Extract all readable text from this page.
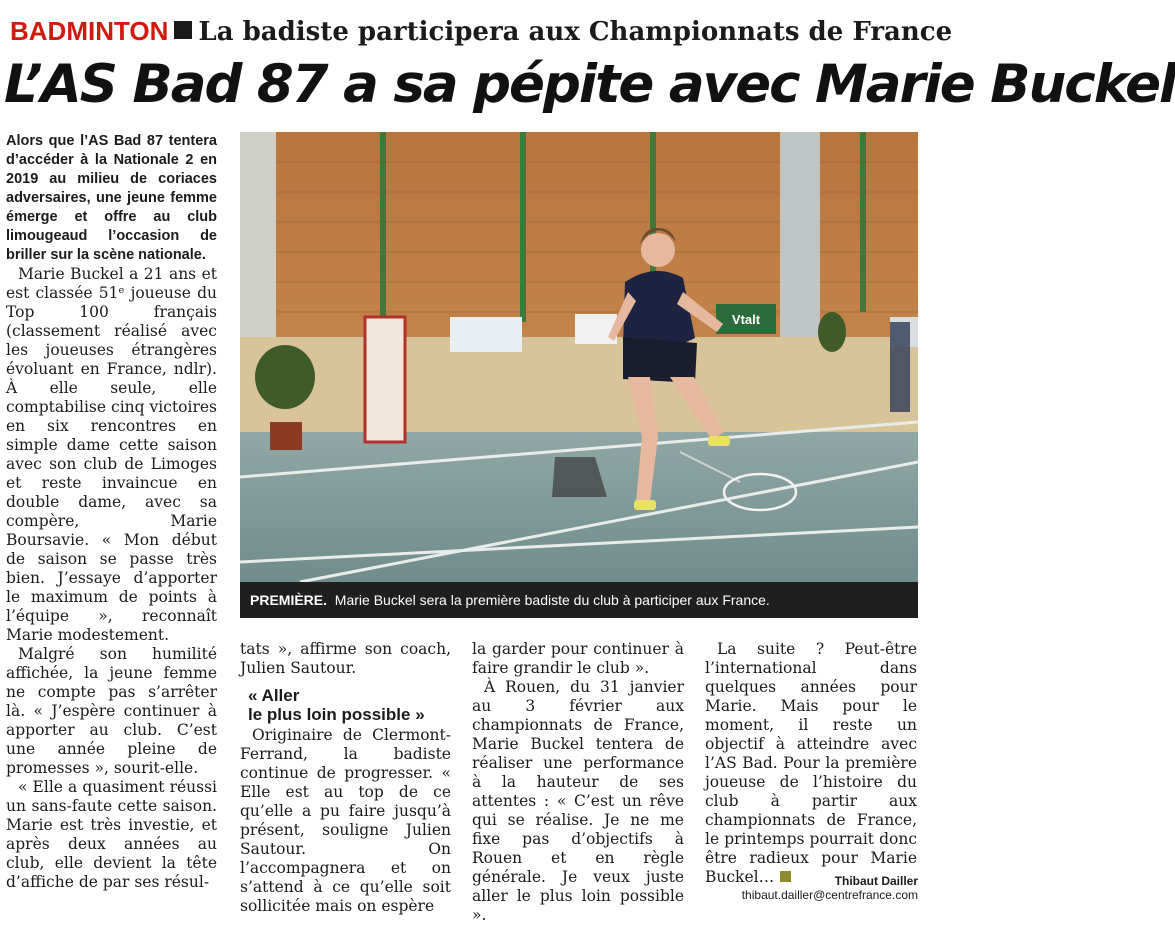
BADMINTON La badiste participera aux Championnats de France
L’AS Bad 87 a sa pépite avec Marie Buckel

Alors que l’AS Bad 87 tentera d’accéder à la Nationale 2 en 2019 au milieu de coriaces adversaires, une jeune femme émerge et offre au club limougeaud l’occasion de briller sur la scène nationale.

Marie Buckel a 21 ans et est classée 51ᵉ joueuse du Top 100 français (classement réalisé avec les joueuses étrangères évoluant en France, ndlr). À elle seule, elle comptabilise cinq victoires en six rencontres en simple dame cette saison avec son club de Limoges et reste invaincue en double dame, avec sa compère, Marie Boursavie. « Mon début de saison se passe très bien. J’essaye d’apporter le maximum de points à l’équipe », reconnaît Marie modestement.

Malgré son humilité affichée, la jeune femme ne compte pas s’arrêter là. « J’espère continuer à apporter au club. C’est une année pleine de promesses », sourit-elle.

« Elle a quasiment réussi un sans-faute cette saison. Marie est très investie, et après deux années au club, elle devient la tête d’affiche de par ses résul-

Vtalt
PREMIÈRE. Marie Buckel sera la première badiste du club à participer aux France.

tats », affirme son coach, Julien Sautour.

« Aller
le plus loin possible »

Originaire de Clermont-Ferrand, la badiste continue de progresser. « Elle est au top de ce qu’elle a pu faire jusqu’à présent, souligne Julien Sautour. On l’accompagnera et on s’attend à ce qu’elle soit sollicitée mais on espère

la garder pour continuer à faire grandir le club ».

À Rouen, du 31 janvier au 3 février aux championnats de France, Marie Buckel tentera de réaliser une performance à la hauteur de ses attentes : « C’est un rêve qui se réalise. Je ne me fixe pas d’objectifs à Rouen et en règle générale. Je veux juste aller le plus loin possible ».

La suite ? Peut-être l’international dans quelques années pour Marie. Mais pour le moment, il reste un objectif à atteindre avec l’AS Bad. Pour la première joueuse de l’histoire du club à partir aux championnats de France, le printemps pourrait donc être radieux pour Marie Buckel…	Thibaut Dailler
thibaut.dailler@centrefrance.com
